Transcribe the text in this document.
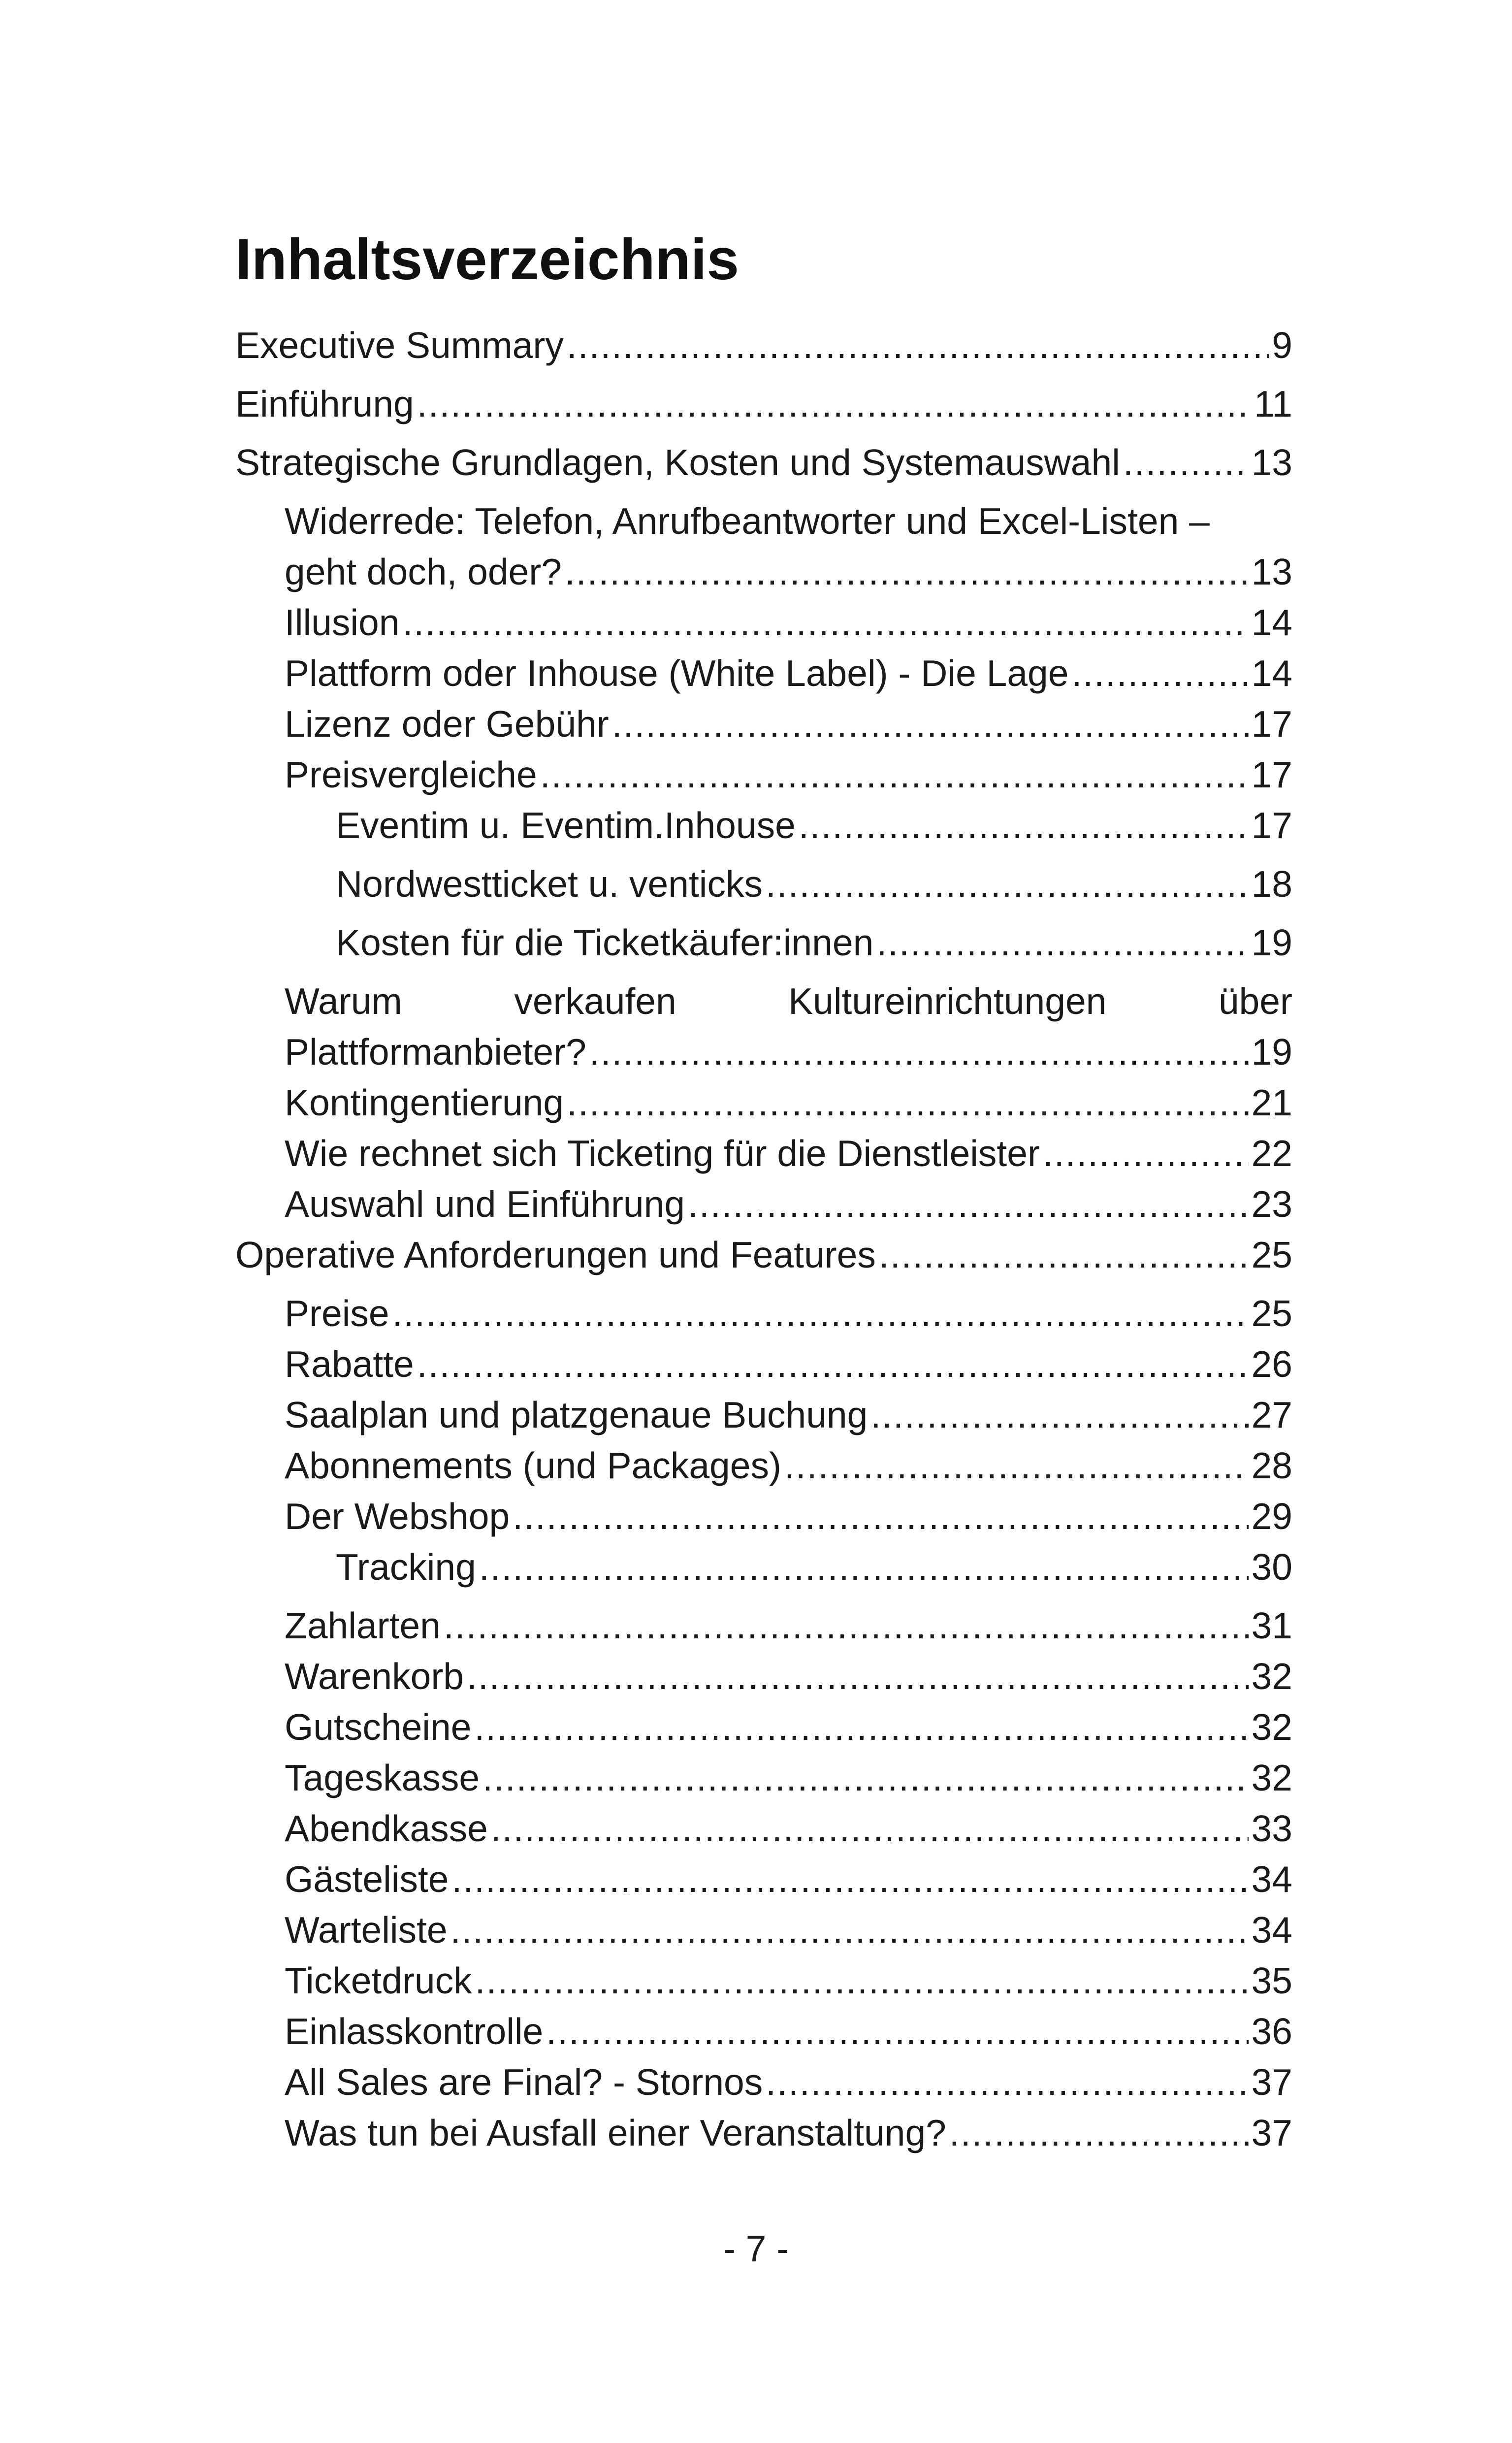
Inhaltsverzeichnis
Executive Summary .....	9
Einführung .....	11
Strategische Grundlagen, Kosten und Systemauswahl .....	13
Widerrede: Telefon, Anrufbeantworter und Excel-Listen –
geht doch, oder? .....	13
Illusion .....	14
Plattform oder Inhouse (White Label) - Die Lage .....	14
Lizenz oder Gebühr .....	17
Preisvergleiche .....	17
Eventim u. Eventim.Inhouse .....	17
Nordwestticket u. venticks .....	18
Kosten für die Ticketkäufer:innen .....	19
Warum	verkaufen	Kultureinrichtungen	über
Plattformanbieter? .....	19
Kontingentierung .....	21
Wie rechnet sich Ticketing für die Dienstleister .....	22
Auswahl und Einführung .....	23
Operative Anforderungen und Features .....	25
Preise .....	25
Rabatte .....	26
Saalplan und platzgenaue Buchung .....	27
Abonnements (und Packages) .....	28
Der Webshop .....	29
Tracking .....	30
Zahlarten .....	31
Warenkorb .....	32
Gutscheine .....	32
Tageskasse .....	32
Abendkasse .....	33
Gästeliste .....	34
Warteliste .....	34
Ticketdruck .....	35
Einlasskontrolle .....	36
All Sales are Final? - Stornos .....	37
Was tun bei Ausfall einer Veranstaltung? .....	37
- 7 -
